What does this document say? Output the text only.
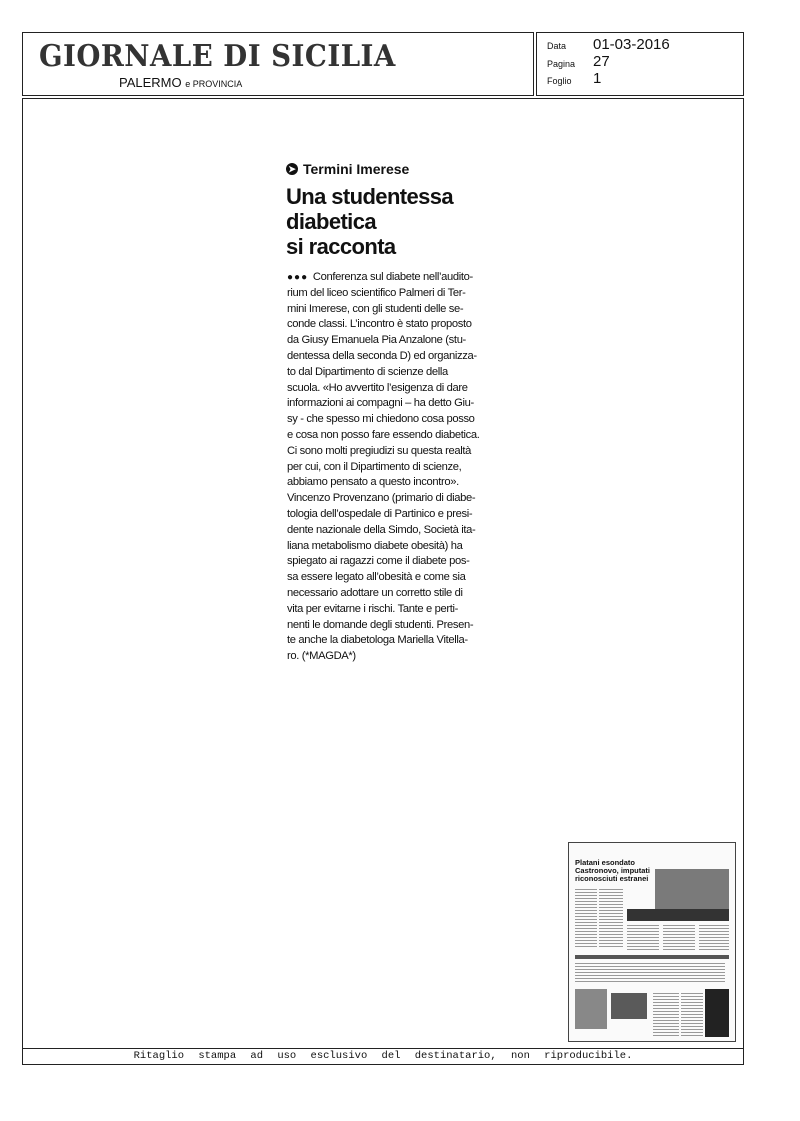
GIORNALE DI SICILIA
PALERMO e PROVINCIA
Data 01-03-2016
Pagina 27
Foglio 1
➤ Termini Imerese
Una studentessa
diabetica
si racconta
●●● Conferenza sul diabete nell’audito-
rium del liceo scientifico Palmeri di Ter-
mini Imerese, con gli studenti delle se-
conde classi. L’incontro è stato proposto
da Giusy Emanuela Pia Anzalone (stu-
dentessa della seconda D) ed organizza-
to dal Dipartimento di scienze della
scuola. «Ho avvertito l’esigenza di dare
informazioni ai compagni – ha detto Giu-
sy - che spesso mi chiedono cosa posso
e cosa non posso fare essendo diabetica.
Ci sono molti pregiudizi su questa realtà
per cui, con il Dipartimento di scienze,
abbiamo pensato a questo incontro».
Vincenzo Provenzano (primario di diabe-
tologia dell’ospedale di Partinico e presi-
dente nazionale della Simdo, Società ita-
liana metabolismo diabete obesità) ha
spiegato ai ragazzi come il diabete pos-
sa essere legato all’obesità e come sia
necessario adottare un corretto stile di
vita per evitarne i rischi. Tante e perti-
nenti le domande degli studenti. Presen-
te anche la diabetologa Mariella Vitella-
ro. (*MAGDA*)
Platani esondato Castronovo, imputati riconosciuti estranei
Ritaglio stampa ad uso esclusivo del destinatario, non riproducibile.
